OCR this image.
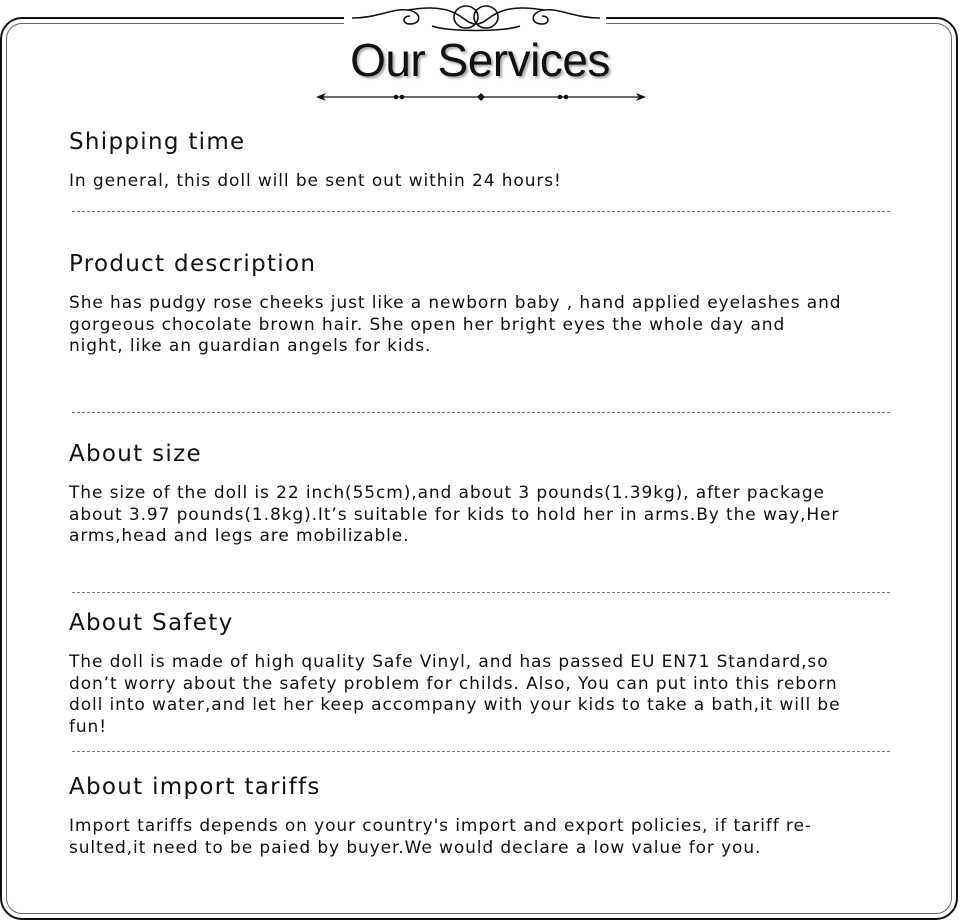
Our Services
Shipping time
In general, this doll will be sent out within 24 hours!
Product description
She has pudgy rose cheeks just like a newborn baby , hand applied eyelashes and
gorgeous chocolate brown hair. She open her bright eyes the whole day and
night, like an guardian angels for kids.
About size
The size of the doll is 22 inch(55cm),and about 3 pounds(1.39kg), after package
about 3.97 pounds(1.8kg).It’s suitable for kids to hold her in arms.By the way,Her
arms,head and legs are mobilizable.
About Safety
The doll is made of high quality Safe Vinyl, and has passed EU EN71 Standard,so
don’t worry about the safety problem for childs. Also, You can put into this reborn
doll into water,and let her keep accompany with your kids to take a bath,it will be
fun!
About import tariffs
Import tariffs depends on your country's import and export policies, if tariff re-
sulted,it need to be paied by buyer.We would declare a low value for you.
